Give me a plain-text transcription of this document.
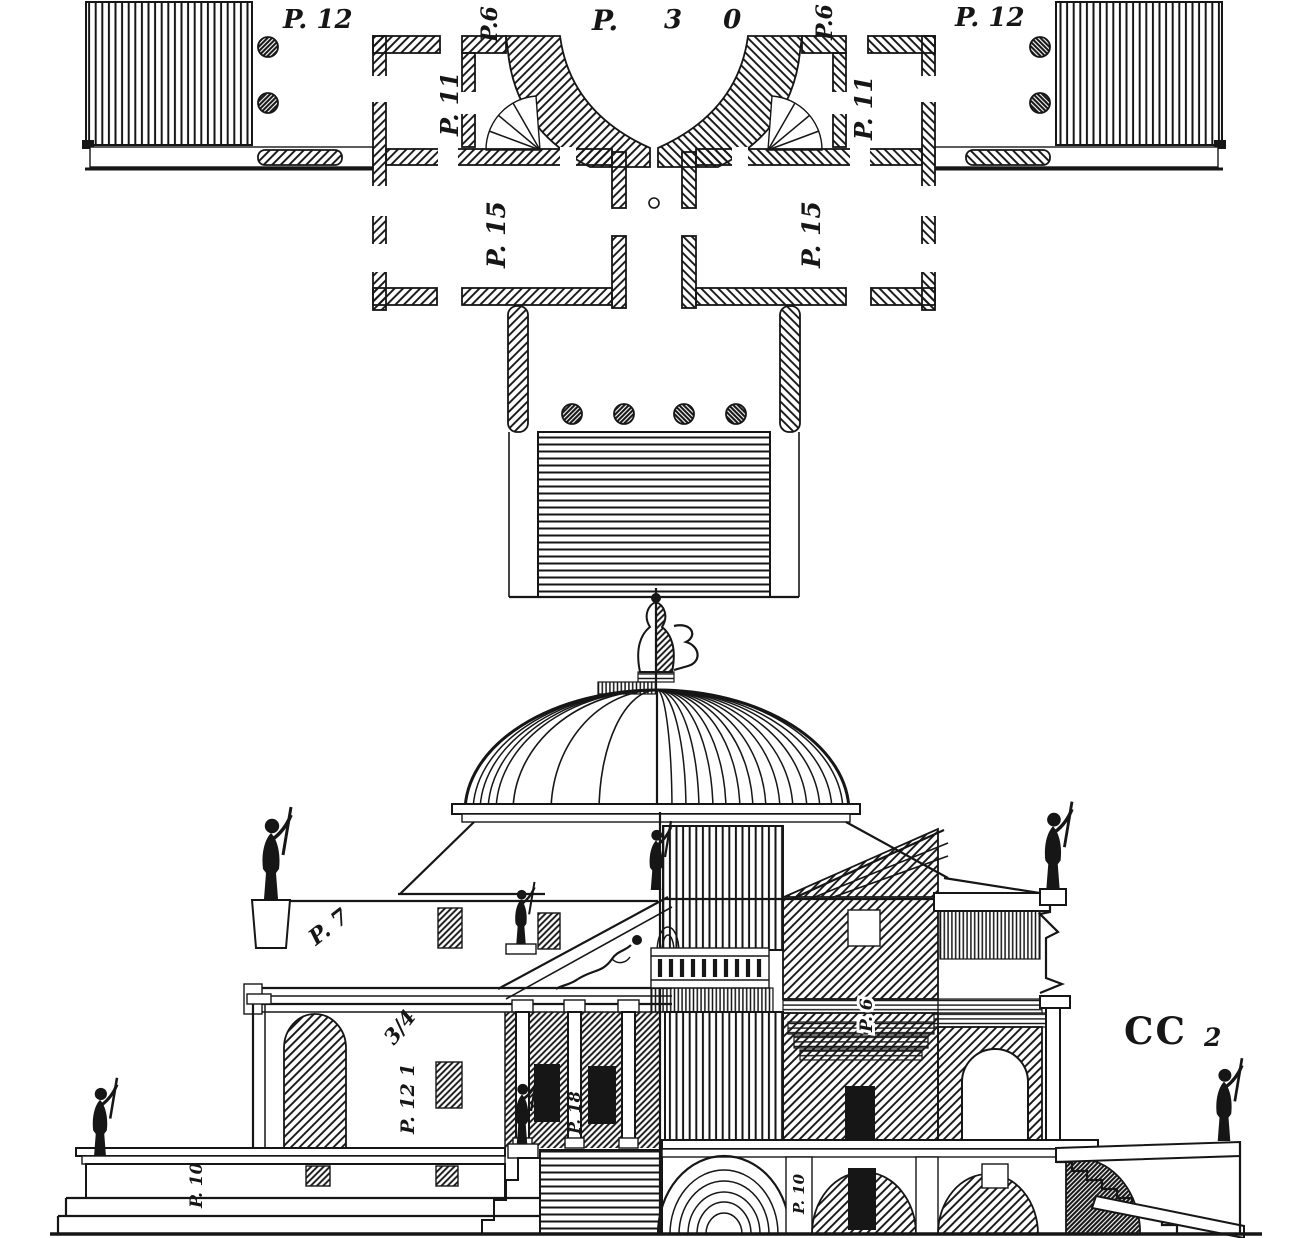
P. 12	P.6	P. 3 0 P.6	P. 12
P. 11	P. 11
P. 15	P. 15
P. 7
3/4
P. 12 1	P. 18
P. 6
P. 10	P. 10
CC 2
